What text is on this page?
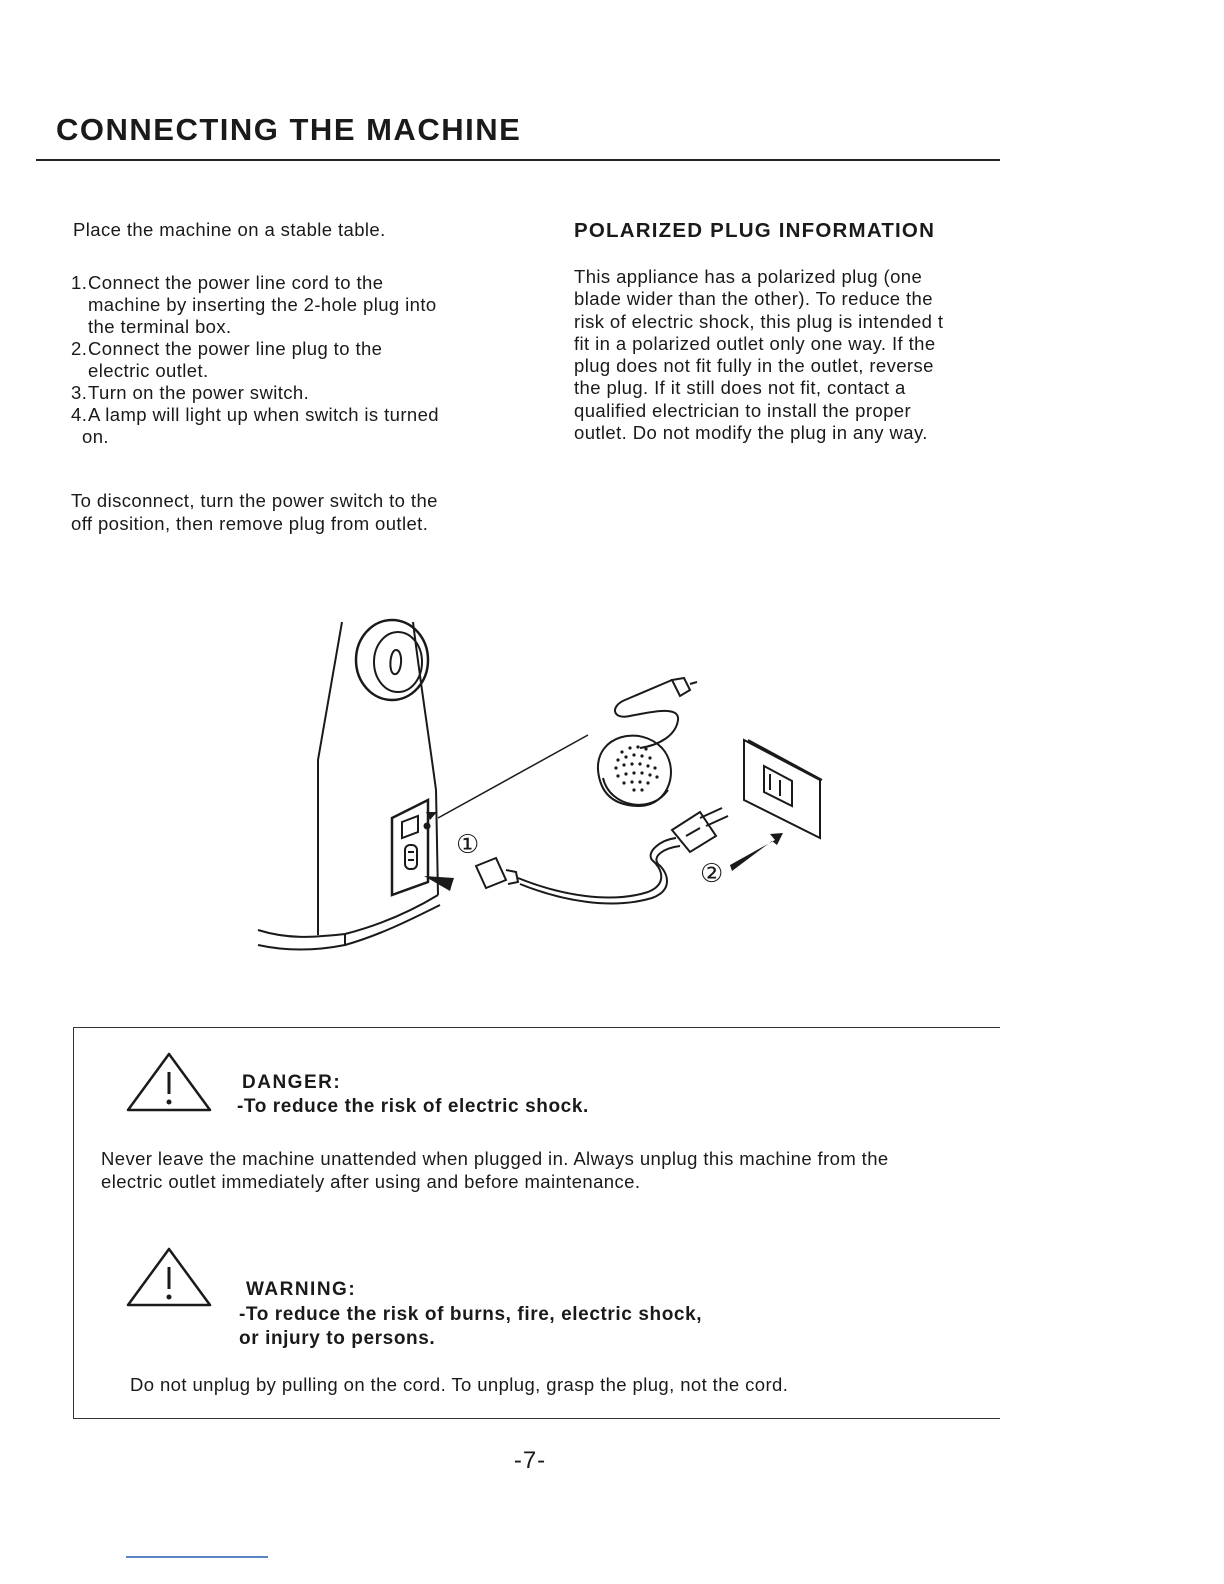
CONNECTING THE MACHINE

Place the machine on a stable table.

1.Connect the power line cord to the
machine by inserting the 2-hole plug into
the terminal box.
2.Connect the power line plug to the
electric outlet.
3.Turn on the power switch.
4.A lamp will light up when switch is turned
on.

To disconnect, turn the power switch to the

off position, then remove plug from outlet.

POLARIZED PLUG INFORMATION
This appliance has a polarized plug (one
blade wider than the other). To reduce the
risk of electric shock, this plug is intended t
fit in a polarized outlet only one way. If the
plug does not fit fully in the outlet, reverse
the plug. If it still does not fit, contact a
qualified electrician to install the proper
outlet. Do not modify the plug in any way.
①
②

DANGER:

-To reduce the risk of electric shock.

Never leave the machine unattended when plugged in. Always unplug this machine from the

electric outlet immediately after using and before maintenance.

WARNING:

-To reduce the risk of burns, fire, electric shock,

or injury to persons.

Do not unplug by pulling on the cord. To unplug, grasp the plug, not the cord.

-7-
